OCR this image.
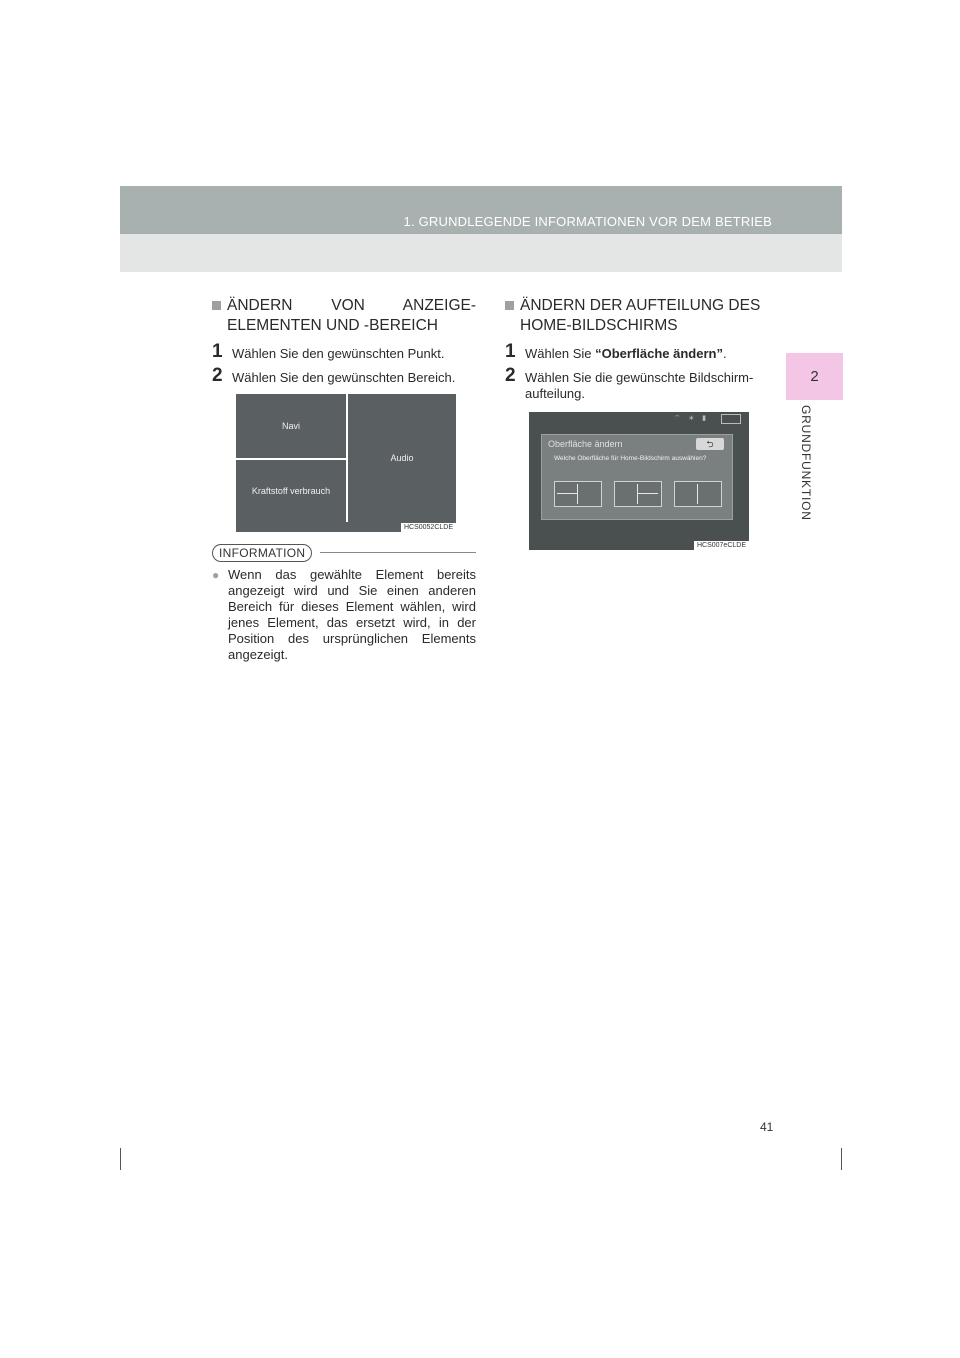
1. GRUNDLEGENDE INFORMATIONEN VOR DEM BETRIEB
2
GRUNDFUNKTION
ÄNDERN VON ANZEIGE-
ELEMENTEN UND -BEREICH
1 Wählen Sie den gewünschten Punkt.
2 Wählen Sie den gewünschten Bereich.
Navi
Kraftstoff verbrauch
Audio
HCS0052CLDE
INFORMATION
● Wenn das gewählte Element bereits angezeigt wird und Sie einen anderen Bereich für dieses Element wählen, wird jenes Element, das ersetzt wird, in der Position des ursprünglichen Elements angezeigt.
ÄNDERN DER AUFTEILUNG DES
HOME-BILDSCHIRMS
1 Wählen Sie “Oberfläche ändern”.
2 Wählen Sie die gewünschte Bildschirm-aufteilung.
⌔ ∗ ▮
Oberfläche ändern	⮌
Welche Oberfläche für Home-Bildschirm auswählen?
HCS007eCLDE
41
